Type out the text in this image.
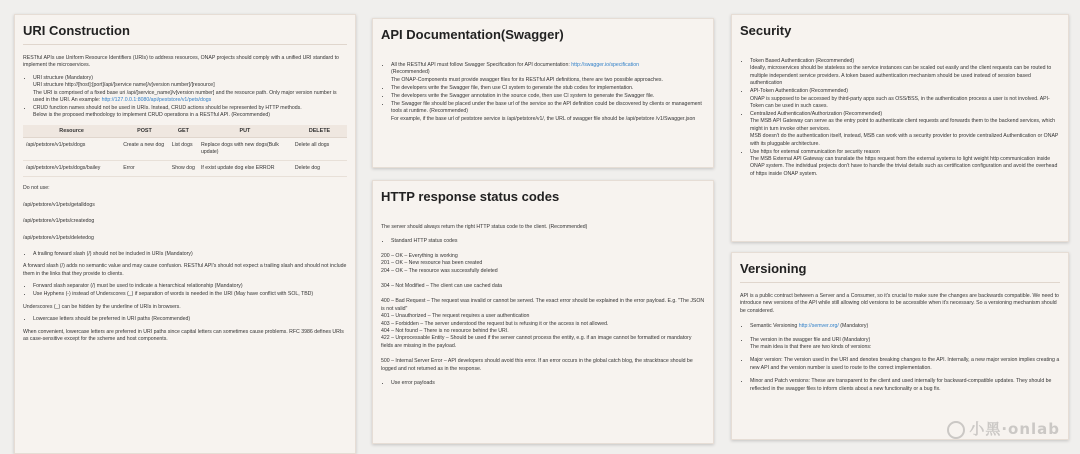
URI Construction

RESTful APIs use Uniform Resource Identifiers (URIs) to address resources, ONAP projects should comply with a unified URI standard to implement the microservices.

• URI structure (Mandatory)
URI structure http://[host]:[port]/api/[service name]/v[version number]/[resource]
The URI is comprised of a fixed base uri /api/[service_name]/v[version number] and the resource path. Only major version number is used in the URI. An example: http://127.0.0.1:8080/api/peststore/v1/pets/dogs
• CRUD function names should not be used in URIs. Instead, CRUD actions should be represented by HTTP methods.
Below is the proposed methodology to implement CRUD operations in a RESTful API. (Recommended)
Resource	POST	GET	PUT	DELETE
/api/petstore/v1/pets/dogs	Create a new dog	List dogs	Replace dogs with new dogs(Bulk update)	Delete all dogs
/api/petstore/v1/pets/dogs/bailey	Error	Show dog	If exist update dog else ERROR	Delete dog

Do not use:

/api/petstore/v1/pets/getalldogs

/api/petstore/v1/pets/createdog

/api/petstore/v1/pets/deletedog

• A trailing forward slash (/) should not be included in URIs (Mandatory)

A forward slash (/) adds no semantic value and may cause confusion. RESTful API's should not expect a trailing slash and should not include them in the links that they provide to clients.

• Forward slash separator (/) must be used to indicate a hierarchical relationship (Mandatory)
• Use Hyphens (-) instead of Underscores (_) if separation of words is needed in the URI (May have conflict with SOL, TBD)

Underscores (_) can be hidden by the underline of URIs in browsers.

• Lowercase letters should be preferred in URI paths (Recommended)

When convenient, lowercase letters are preferred in URI paths since capital letters can sometimes cause problems. RFC 3986 defines URIs as case-sensitive except for the scheme and host components.

API Documentation(Swagger)
• All the RESTful API must follow Swagger Specification for API documentation: http://swagger.io/specification
(Recommended)
The ONAP-Components must provide swagger files for its RESTful API definitions, there are two possible approaches.
• The developers write the Swagger file, then use CI system to generate the stub codes for implementation.
• The developers write the Swagger annotation in the source code, then use CI system to generate the Swagger file.
• The Swagger file should be placed under the base url of the service so the API definition could be discovered by clients or management tools at runtime. (Recommended)
For example, if the base url of peststore service is /api/petstore/v1/, the URL of swagger file should be /api/petstore /v1/Swagger.json
HTTP response status codes

The server should always return the right HTTP status code to the client. (Recommended)

• Standard HTTP status codes

200 – OK – Everything is working

201 – OK – New resource has been created

204 – OK – The resource was successfully deleted

304 – Not Modified – The client can use cached data

400 – Bad Request – The request was invalid or cannot be served. The exact error should be explained in the error payload. E.g. "The JSON is not valid"

401 – Unauthorized – The request requires a user authentication

403 – Forbidden – The server understood the request but is refusing it or the access is not allowed.

404 – Not found – There is no resource behind the URI.

422 – Unprocessable Entity – Should be used if the server cannot process the entity, e.g. if an image cannot be formatted or mandatory fields are missing in the payload.

500 – Internal Server Error – API developers should avoid this error. If an error occurs in the global catch blog, the stracktrace should be logged and not returned as in the response.

• Use error payloads
Security
• Token Based Authentication (Recommended)
Ideally, microservices should be stateless so the service instances can be scaled out easily and the client requests can be routed to multiple independent service providers. A token based authentication mechanism should be used instead of session based authentication
• API-Token Authentication (Recommended)
ONAP is supposed to be accessed by third-party apps such as OSS/BSS, in the authentication process a user is not involved. API-Token can be used in such cases.
• Centralized Authentication/Authorization (Recommended)
The MSB API Gateway can serve as the entry point to authenticate client requests and forwards them to the backend services, which might in turn invoke other services.
MSB doesn't do the authentication itself, instead, MSB can work with a security provider to provide centralized Authentication or ONAP with its pluggable architecture.
• Use https for external communication for security reason
The MSB External API Gateway can translate the https request from the external systems to light weight http communication inside ONAP system. The individual projects don't have to handle the trivial details such as certification configuration and avoid the overhead of https inside ONAP system.
Versioning

API is a public contract between a Server and a Consumer, so it's crucial to make sure the changes are backwards compatible. We need to introduce new versions of the API while still allowing old versions to be accessible when it's necessary. So a versioning mechanism should be considered.

• Semantic Versioning http://semver.org/ (Mandatory)
• The version in the swagger file and URI (Mandatory)
The main idea is that there are two kinds of versions:
• Major version: The version used in the URI and denotes breaking changes to the API. Internally, a new major version implies creating a new API and the version number is used to route to the correct implementation.
• Minor and Patch versions: These are transparent to the client and used internally for backward-compatible updates. They should be reflected in the swagger files to inform clients about a new functionality or a bug fix.
小黑·onlab
